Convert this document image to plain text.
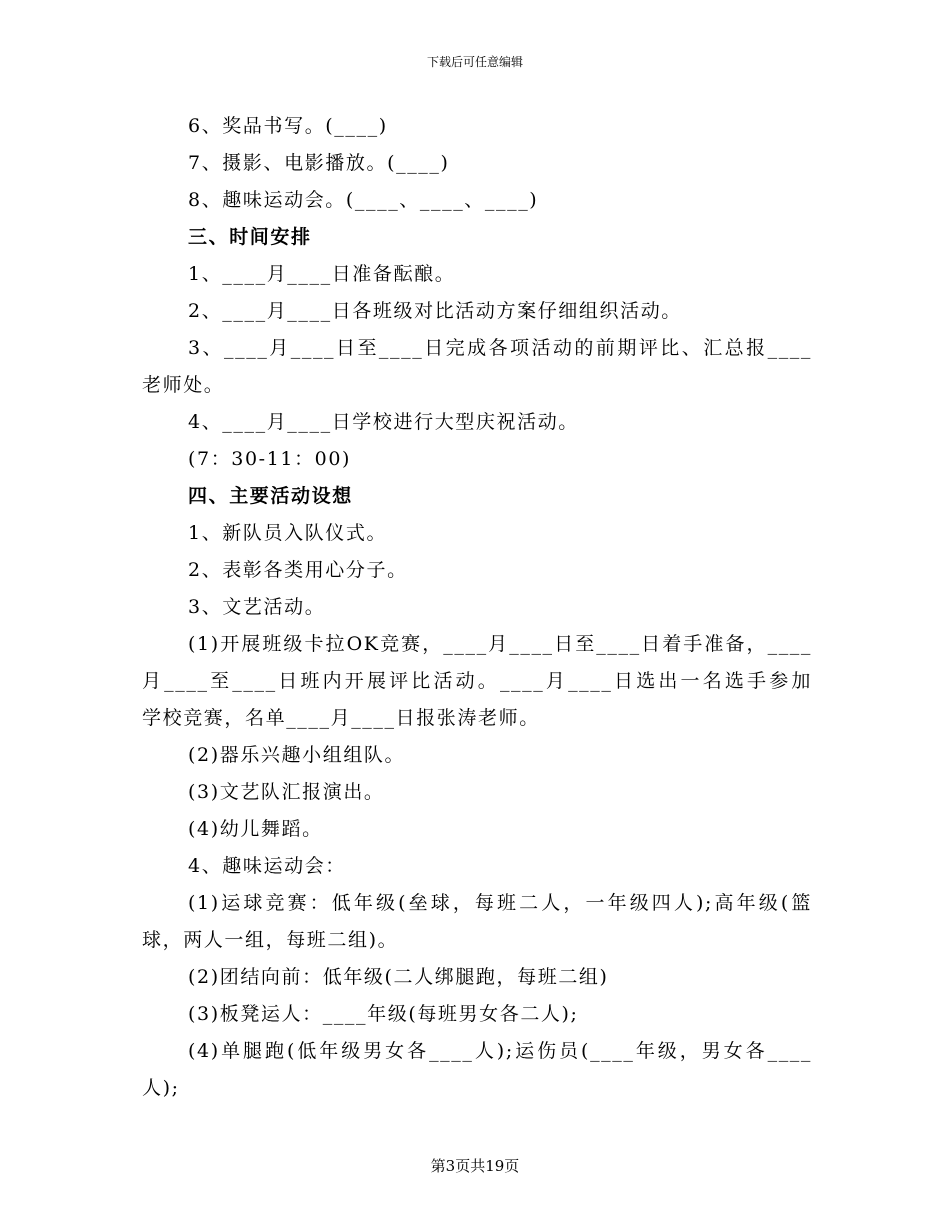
下载后可任意编辑
6、奖品书写。(____)
7、摄影、电影播放。(____)
8、趣味运动会。(____、____、____)
三、时间安排
1、____月____日准备酝酿。
2、____月____日各班级对比活动方案仔细组织活动。
3、____月____日至____日完成各项活动的前期评比、汇总报____
老师处。
4、____月____日学校进行大型庆祝活动。
(7：30-11：00)
四、主要活动设想
1、新队员入队仪式。
2、表彰各类用心分子。
3、文艺活动。
(1)开展班级卡拉OK竞赛，____月____日至____日着手准备，____
月____至____日班内开展评比活动。____月____日选出一名选手参加
学校竞赛，名单____月____日报张涛老师。
(2)器乐兴趣小组组队。
(3)文艺队汇报演出。
(4)幼儿舞蹈。
4、趣味运动会：
(1)运球竞赛：低年级(垒球，每班二人，一年级四人);高年级(篮
球，两人一组，每班二组)。
(2)团结向前：低年级(二人绑腿跑，每班二组)
(3)板凳运人：____年级(每班男女各二人);
(4)单腿跑(低年级男女各____人);运伤员(____年级，男女各____
人);
第3页共19页
